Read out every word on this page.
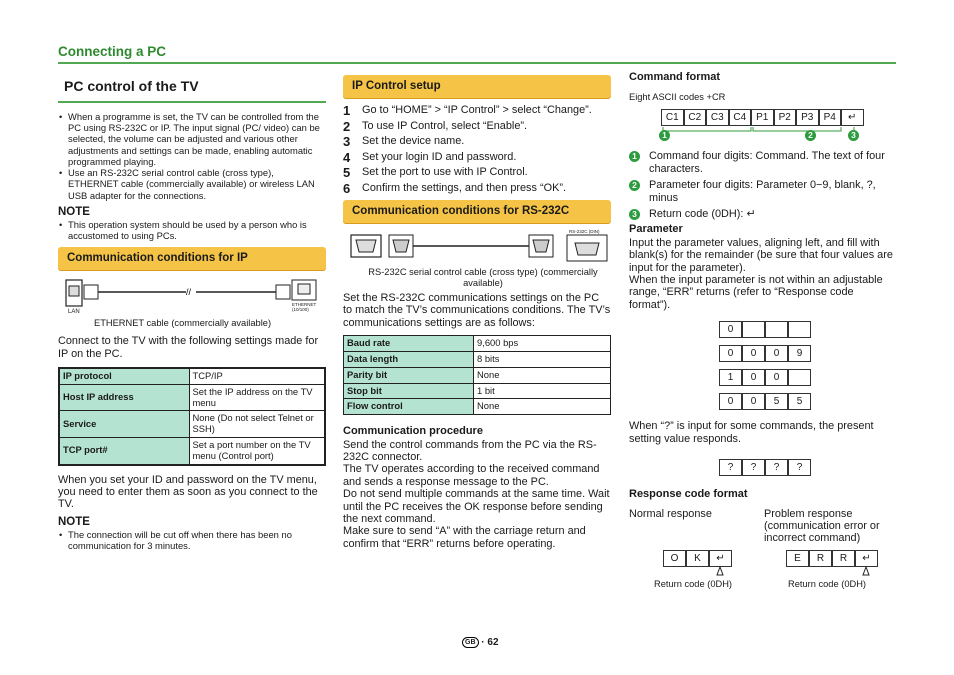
Connecting a PC
PC control of the TV
• When a programme is set, the TV can be controlled from the PC using RS-232C or IP. The input signal (PC/ video) can be selected, the volume can be adjusted and various other adjustments and settings can be made, enabling automatic programmed playing.
• Use an RS-232C serial control cable (cross type), ETHERNET cable (commercially available) or wireless LAN USB adapter for the connections.
NOTE
• This operation system should be used by a person who is accustomed to using PCs.
Communication conditions for IP
//
LAN
ETHERNET
(10/100)
ETHERNET cable (commercially available)
Connect to the TV with the following settings made for IP on the PC.
IP protocol	TCP/IP
Host IP address	Set the IP address on the TV menu
Service	None (Do not select Telnet or SSH)
TCP port#	Set a port number on the TV menu (Control port)
When you set your ID and password on the TV menu, you need to enter them as soon as you connect to the TV.
NOTE
• The connection will be cut off when there has been no communication for 3 minutes.
IP Control setup
1 Go to “HOME” > “IP Control” > select “Change”.
2 To use IP Control, select “Enable”.
3 Set the device name.
4 Set your login ID and password.
5 Set the port to use with IP Control.
6 Confirm the settings, and then press “OK”.
Communication conditions for RS-232C
RS-232C (DIN)
RS-232C serial control cable (cross type) (commercially available)
Set the RS-232C communications settings on the PC to match the TV’s communications conditions. The TV’s communications settings are as follows:
Baud rate	9,600 bps
Data length	8 bits
Parity bit	None
Stop bit	1 bit
Flow control	None
Communication procedure
Send the control commands from the PC via the RS-232C connector.
The TV operates according to the received command and sends a response message to the PC.
Do not send multiple commands at the same time. Wait until the PC receives the OK response before sending the next command.
Make sure to send “A” with the carriage return and confirm that “ERR” returns before operating.
Command format
Eight ASCII codes +CR
C1 C2 C3 C4 P1	P2	P3	P4	↵
1	2	3
1 Command four digits: Command. The text of four characters.
2 Parameter four digits: Parameter 0−9, blank, ?, minus
3 Return code (0DH): ↵
Parameter
Input the parameter values, aligning left, and fill with blank(s) for the remainder (be sure that four values are input for the parameter).
When the input parameter is not within an adjustable range, “ERR” returns (refer to “Response code format”).
0
0	0	0	9
1	0	0
0	0	5	5
When “?” is input for some commands, the present setting value responds.
?	?	?	?
Response code format
Normal response	Problem response (communication error or incorrect command)
O	K	↵	E	R	R	↵
Return code (0DH)	Return code (0DH)
GB · 62
